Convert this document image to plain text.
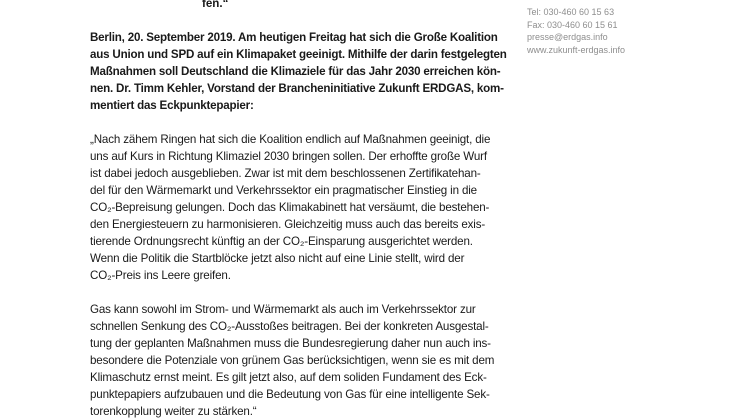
Tel: 030-460 60 15 63
Fax: 030-460 60 15 61
presse@erdgas.info
www.zukunft-erdgas.info
fen.“
Berlin, 20. September 2019. Am heutigen Freitag hat sich die Große Koalition
aus Union und SPD auf ein Klimapaket geeinigt. Mithilfe der darin festgelegten
Maßnahmen soll Deutschland die Klimaziele für das Jahr 2030 erreichen kön-
nen. Dr. Timm Kehler, Vorstand der Brancheninitiative Zukunft ERDGAS, kom-
mentiert das Eckpunktepapier:
„Nach zähem Ringen hat sich die Koalition endlich auf Maßnahmen geeinigt, die
uns auf Kurs in Richtung Klimaziel 2030 bringen sollen. Der erhoffte große Wurf
ist dabei jedoch ausgeblieben. Zwar ist mit dem beschlossenen Zertifikatehan-
del für den Wärmemarkt und Verkehrssektor ein pragmatischer Einstieg in die
CO₂-Bepreisung gelungen. Doch das Klimakabinett hat versäumt, die bestehen-
den Energiesteuern zu harmonisieren. Gleichzeitig muss auch das bereits exis-
tierende Ordnungsrecht künftig an der CO₂-Einsparung ausgerichtet werden.
Wenn die Politik die Startblöcke jetzt also nicht auf eine Linie stellt, wird der
CO₂-Preis ins Leere greifen.
Gas kann sowohl im Strom- und Wärmemarkt als auch im Verkehrssektor zur
schnellen Senkung des CO₂-Ausstoßes beitragen. Bei der konkreten Ausgestal-
tung der geplanten Maßnahmen muss die Bundesregierung daher nun auch ins-
besondere die Potenziale von grünem Gas berücksichtigen, wenn sie es mit dem
Klimaschutz ernst meint. Es gilt jetzt also, auf dem soliden Fundament des Eck-
punktepapiers aufzubauen und die Bedeutung von Gas für eine intelligente Sek-
torenkopplung weiter zu stärken.“
